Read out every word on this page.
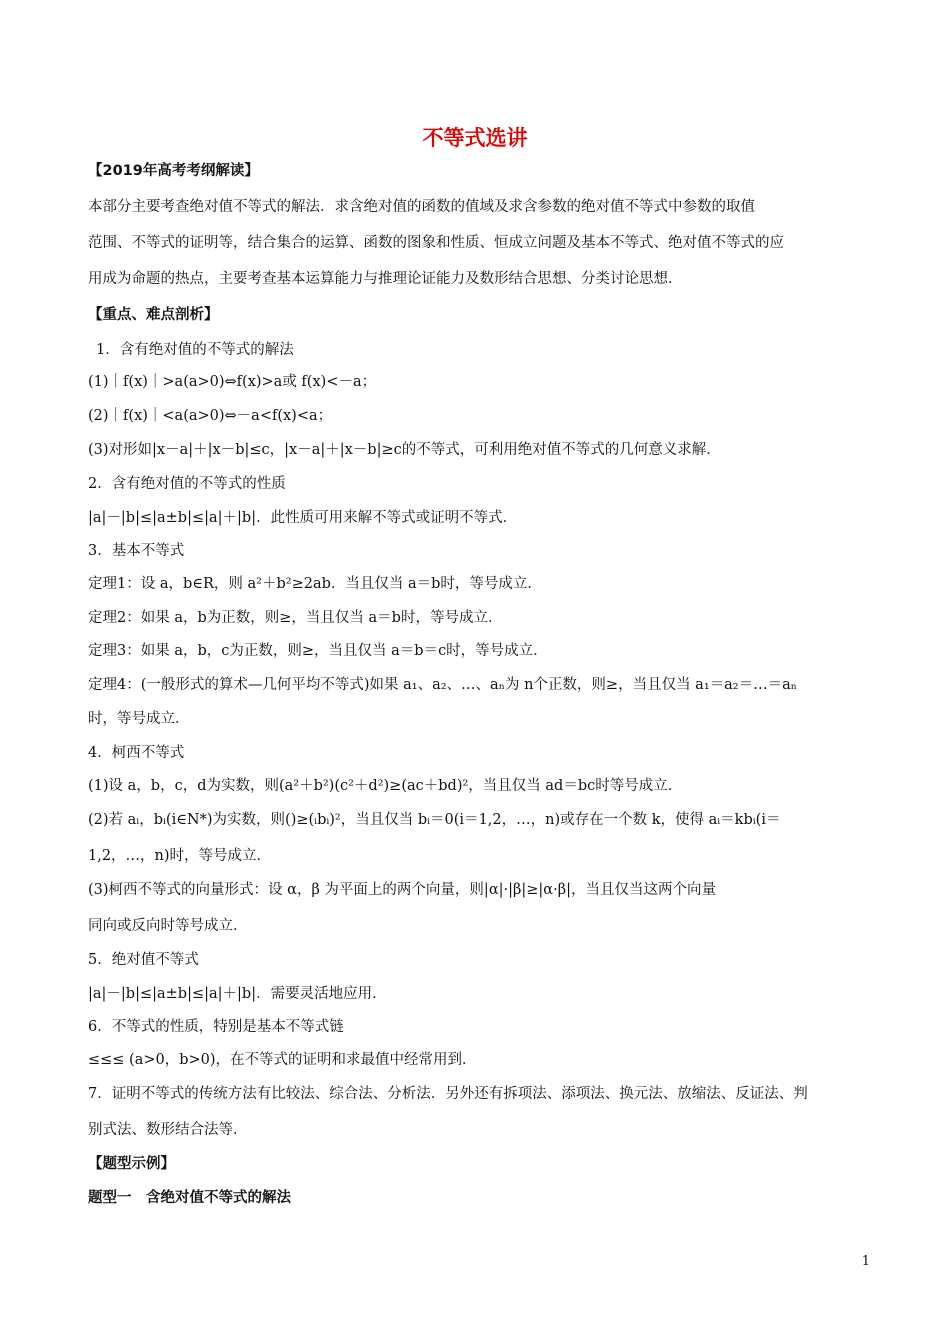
不等式选讲
【2019年高考考纲解读】
本部分主要考查绝对值不等式的解法．求含绝对值的函数的值域及求含参数的绝对值不等式中参数的取值
范围、不等式的证明等，结合集合的运算、函数的图象和性质、恒成立问题及基本不等式、绝对值不等式的应
用成为命题的热点，主要考查基本运算能力与推理论证能力及数形结合思想、分类讨论思想．
【重点、难点剖析】
1．含有绝对值的不等式的解法
(1)｜f(x)｜>a(a>0)⇔f(x)>a或 f(x)<－a；
(2)｜f(x)｜<a(a>0)⇔－a<f(x)<a；
(3)对形如|x－a|＋|x－b|≤c，|x－a|＋|x－b|≥c的不等式，可利用绝对值不等式的几何意义求解．
2．含有绝对值的不等式的性质
|a|－|b|≤|a±b|≤|a|＋|b|．此性质可用来解不等式或证明不等式．
3．基本不等式
定理1：设 a，b∈R，则 a²＋b²≥2ab．当且仅当 a＝b时，等号成立．
定理2：如果 a，b为正数，则≥，当且仅当 a＝b时，等号成立．
定理3：如果 a，b，c为正数，则≥，当且仅当 a＝b＝c时，等号成立．
定理4：(一般形式的算术—几何平均不等式)如果 a₁、a₂、…、aₙ为 n个正数，则≥，当且仅当 a₁＝a₂＝…＝aₙ
时，等号成立．
4．柯西不等式
(1)设 a，b，c，d为实数，则(a²＋b²)(c²＋d²)≥(ac＋bd)²，当且仅当 ad＝bc时等号成立．
(2)若 aᵢ，bᵢ(i∈N*)为实数，则()≥(ᵢbᵢ)²，当且仅当 bᵢ＝0(i＝1,2，…，n)或存在一个数 k，使得 aᵢ＝kbᵢ(i＝
1,2，…，n)时，等号成立．
(3)柯西不等式的向量形式：设 α，β 为平面上的两个向量，则|α|·|β|≥|α·β|，当且仅当这两个向量
同向或反向时等号成立．
5．绝对值不等式
|a|－|b|≤|a±b|≤|a|＋|b|．需要灵活地应用．
6．不等式的性质，特别是基本不等式链
≤≤≤ (a>0，b>0)，在不等式的证明和求最值中经常用到．
7．证明不等式的传统方法有比较法、综合法、分析法．另外还有拆项法、添项法、换元法、放缩法、反证法、判
别式法、数形结合法等．
【题型示例】
题型一　含绝对值不等式的解法
1
